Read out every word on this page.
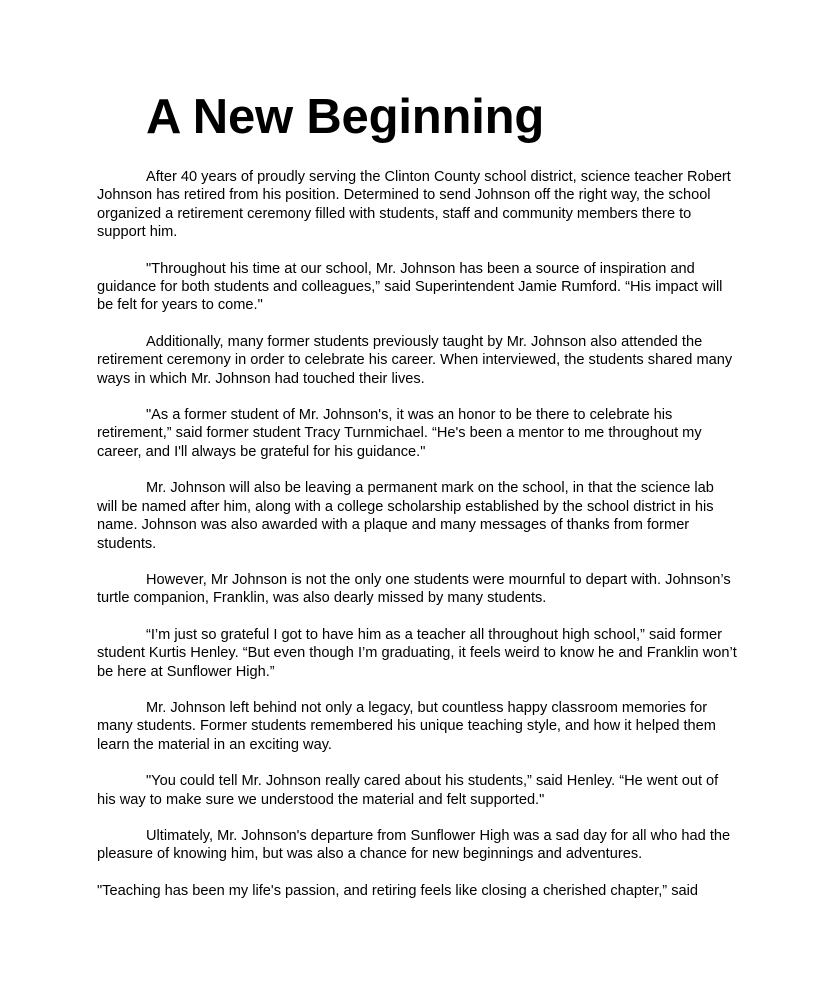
A New Beginning

After 40 years of proudly serving the Clinton County school district, science teacher Robert Johnson has retired from his position. Determined to send Johnson off the right way, the school organized a retirement ceremony filled with students, staff and community members there to support him.

"Throughout his time at our school, Mr. Johnson has been a source of inspiration and guidance for both students and colleagues,” said Superintendent Jamie Rumford. “His impact will be felt for years to come."

Additionally, many former students previously taught by Mr. Johnson also attended the retirement ceremony in order to celebrate his career. When interviewed, the students shared many ways in which Mr. Johnson had touched their lives.

"As a former student of Mr. Johnson's, it was an honor to be there to celebrate his retirement,” said former student Tracy Turnmichael. “He's been a mentor to me throughout my career, and I'll always be grateful for his guidance."

Mr. Johnson will also be leaving a permanent mark on the school, in that the science lab will be named after him, along with a college scholarship established by the school district in his name. Johnson was also awarded with a plaque and many messages of thanks from former students.

However, Mr Johnson is not the only one students were mournful to depart with. Johnson’s turtle companion, Franklin, was also dearly missed by many students.

“I’m just so grateful I got to have him as a teacher all throughout high school,” said former student Kurtis Henley. “But even though I’m graduating, it feels weird to know he and Franklin won’t be here at Sunflower High.”

Mr. Johnson left behind not only a legacy, but countless happy classroom memories for many students. Former students remembered his unique teaching style, and how it helped them learn the material in an exciting way.

"You could tell Mr. Johnson really cared about his students,” said Henley. “He went out of his way to make sure we understood the material and felt supported."

Ultimately, Mr. Johnson's departure from Sunflower High was a sad day for all who had the pleasure of knowing him, but was also a chance for new beginnings and adventures.

"Teaching has been my life's passion, and retiring feels like closing a cherished chapter,” said
